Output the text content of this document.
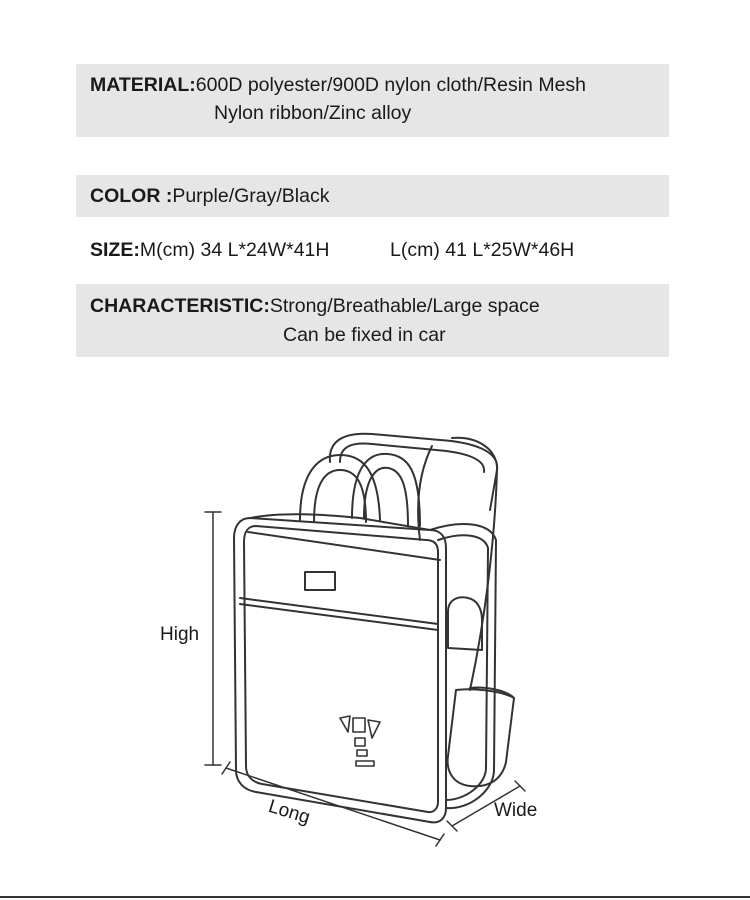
MATERIAL:600D polyester/900D nylon cloth/Resin Mesh
Nylon ribbon/Zinc alloy
COLOR :Purple/Gray/Black
SIZE:M(cm) 34 L*24W*41H	L(cm) 41 L*25W*46H
CHARACTERISTIC:Strong/Breathable/Large space
Can be fixed in car
High
Long	Wide
